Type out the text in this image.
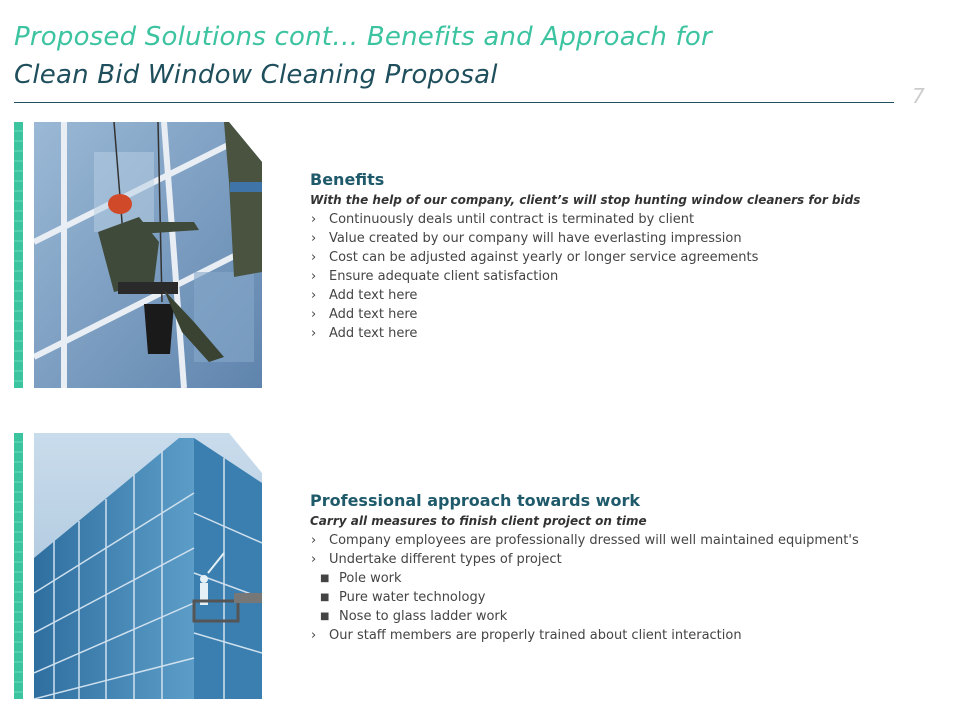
Proposed Solutions cont… Benefits and Approach for
Clean Bid Window Cleaning Proposal
7
Benefits
With the help of our company, client’s will stop hunting window cleaners for bids
› Continuously deals until contract is terminated by client
› Value created by our company will have everlasting impression
› Cost can be adjusted against yearly or longer service agreements
› Ensure adequate client satisfaction
› Add text here
› Add text here
› Add text here
Professional approach towards work
Carry all measures to finish client project on time
› Company employees are professionally dressed will well maintained equipment's
› Undertake different types of project
■ Pole work
■ Pure water technology
■ Nose to glass ladder work
› Our staff members are properly trained about client interaction
